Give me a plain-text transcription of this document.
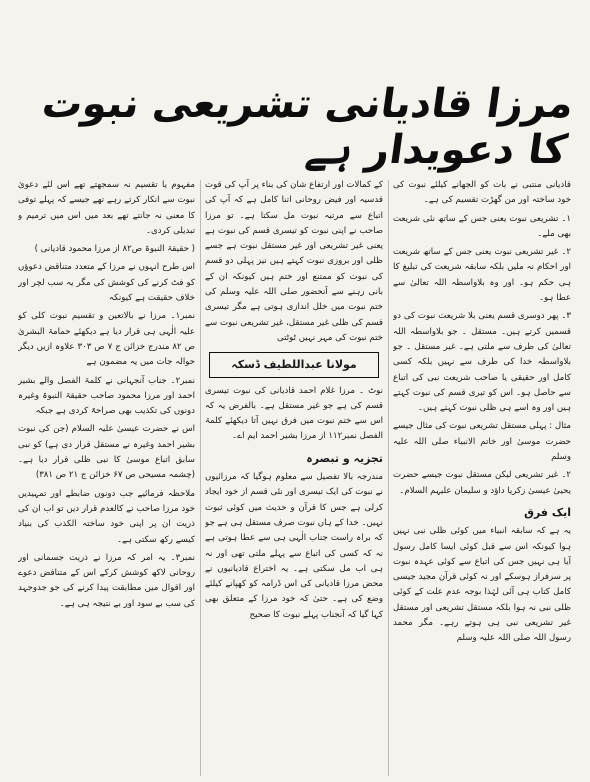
مرزا قادیانی تشریعی نبوت کا دعویدار ہے

قادیانی منتبی نے بات کو الجھانے کیلئے نبوت کی خود ساختہ اور من گھڑت تقسیم کی ہے۔

۱۔ تشریعی نبوت یعنی جس کے ساتھ نئی شریعت بھی ملے۔

۲۔ غیر تشریعی نبوت یعنی جس کے ساتھ شریعت اور احکام نہ ملیں بلکہ سابقہ شریعت کی تبلیغ کا ہی حکم ہو۔ اور وہ بلاواسطہ اللہ تعالیٰ سے عطا ہو۔

۳۔ پھر دوسری قسم یعنی بلا شریعت نبوت کی دو قسمیں کرتے ہیں۔ مستقل ۔ جو بلاواسطہ اللہ تعالیٰ کی طرف سے ملتی ہے۔ غیر مستقل ۔ جو بلاواسطہ خدا کی طرف سے نہیں بلکہ کسی کامل اور حقیقی یا صاحب شریعت نبی کی اتباع سے حاصل ہو۔ اس کو تیری قسم کی نبوت کہتے ہیں اور وہ اسے ہی ظلی نبوت کہتے ہیں۔

مثال : پہلی مستقل تشریعی نبوت کی مثال جیسے حضرت موسیٰ اور خاتم الانبیاء صلی اللہ علیہ وسلم

۲۔ غیر تشریعی لیکن مستقل نبوت جیسے حضرت یحییٰ عیسیٰ زکریا داؤد و سلیمان علیہم السلام۔

ایک فرق

یہ ہے کہ سابقہ انبیاء میں کوئی ظلی نبی نہیں ہوا کیونکہ اس سے قبل کوئی ایسا کامل رسول آیا ہی نہیں جس کی اتباع سے کوئی عہدہ نبوت پر سرفراز ہوسکے اور نہ کوئی قرآن مجید جیسی کامل کتاب ہی آئی لہٰذا بوجہ عدم علت کے کوئی ظلی نبی نہ ہوا بلکہ مستقل تشریعی اور مستقل غیر تشریعی نبی ہی ہوتے رہے۔ مگر محمد رسول اللہ صلی اللہ علیہ وسلم

کے کمالات اور ارتفاع شان کی بناء پر آپ کی قوت قدسیہ اور فیض روحانی اتنا کامل ہے کہ آپ کی اتباع سے مرتبہ نبوت مل سکتا ہے۔ تو مرزا صاحب نے اپنی نبوت کو تیسری قسم کی نبوت ہے یعنی غیر تشریعی اور غیر مستقل نبوت ہے جسے ظلی اور بروزی نبوت کہتے ہیں نیز پہلی دو قسم کی نبوت کو ممتنع اور ختم ہیں کیونکہ ان کے بانی رہنے سے آنحضور صلی اللہ علیہ وسلم کی ختم نبوت میں خلل اندازی ہوتی ہے مگر تیسری قسم کی ظلی غیر مستقل، غیر تشریعی نبوت سے ختم نبوت کی مہر نہیں ٹوٹتی

مولانا عبداللطیف ڈسکہ

نوٹ ۔ مرزا غلام احمد قادیانی کی نبوت تیسری قسم کی ہے جو غیر مستقل ہے۔ بالفرض یہ کہ اس سے ختم نبوت میں فرق نہیں آتا دیکھئے کلمۃ الفصل نمبر۱۱۲ از مرزا بشیر احمد ایم اے۔

تجزیہ و تبصرہ

مندرجہ بالا تفصیل سے معلوم ہوگیا کہ مرزائیوں نے نبوت کی ایک تیسری اور نئی قسم از خود ایجاد کرلی ہے جس کا قرآن و حدیث میں کوئی ثبوت نہیں۔ خدا کے ہاں نبوت صرف مستقل ہی ہے جو کہ براہ راست جناب الٰہی ہی سے عطا ہوتی ہے نہ کہ کسی کی اتباع سے پہلے ملتی تھی اور نہ ہی اب مل سکتی ہے۔ یہ اختراع قادیانیوں نے محض مرزا قادیانی کی اس ڈرامہ کو کھپانے کیلئے وضع کی ہے۔ حتیٰ کہ خود مرزا کے متعلق بھی کہا گیا کہ آنجناب پہلے نبوت کا صحیح

مفہوم یا تقسیم نہ سمجھتے تھے اس لئے دعویٰ نبوت سے انکار کرتے رہے تھے جیسے کہ پہلے توفی کا معنی نہ جانتے تھے بعد میں اس میں ترمیم و تبدیلی کردی۔

( حقیقۃ النبوۃ ص۸۲ از مرزا محمود قادیانی )

اس طرح انہوں نے مرزا کے متعدد متناقض دعوؤں کو فٹ کرنے کی کوشش کی مگر یہ سب لچر اور خلاف حقیقت ہے کیونکہ

نمبر۱۔ مرزا نے بالاتعین و تقسیم نبوت کلی کو علیہ الٰہی ہی قرار دیا ہے دیکھئے حمامۃ البشریٰ ص ۸۲ مندرج خزائن ج ۷ ص ۳۰۳ علاوہ ازیں دیگر حوالہ جات میں یہ مضمون ہے

نمبر۲۔ جناب آنجہانی نے کلمۃ الفصل والے بشیر احمد اور مرزا محمود صاحب حقیقۃ النبوۃ وغیرہ دونوں کی تکذیب بھی صراحۃً کردی ہے جبکہ

اس نے حضرت عیسیٰ علیہ السلام (جن کی نبوت بشیر احمد وغیرہ نے مستقل قرار دی ہے) کو نبی سابق اتباع موسیٰ کا نبی ظلی قرار دیا ہے۔ (چشمہ مسیحی ص ۶۷ خزائن ج ۲۱ ص ۳۸۱)

ملاحظہ فرمائیے جب دونوں ضابطے اور تمہیدیں خود مرزا صاحب نے کالعدم قرار دیں تو اب ان کی ذریت ان پر اپنی خود ساختہ الکذب کی بنیاد کیسے رکھ سکتی ہے۔

نمبر۳۔ یہ امر کہ مرزا نے ذریت جسمانی اور روحانی لاکھ کوشش کرکے اس کے متناقض دعوے اور اقوال میں مطابقت پیدا کرنے کی جو جدوجہد کی سب بے سود اور بے نتیجہ ہی ہے۔
